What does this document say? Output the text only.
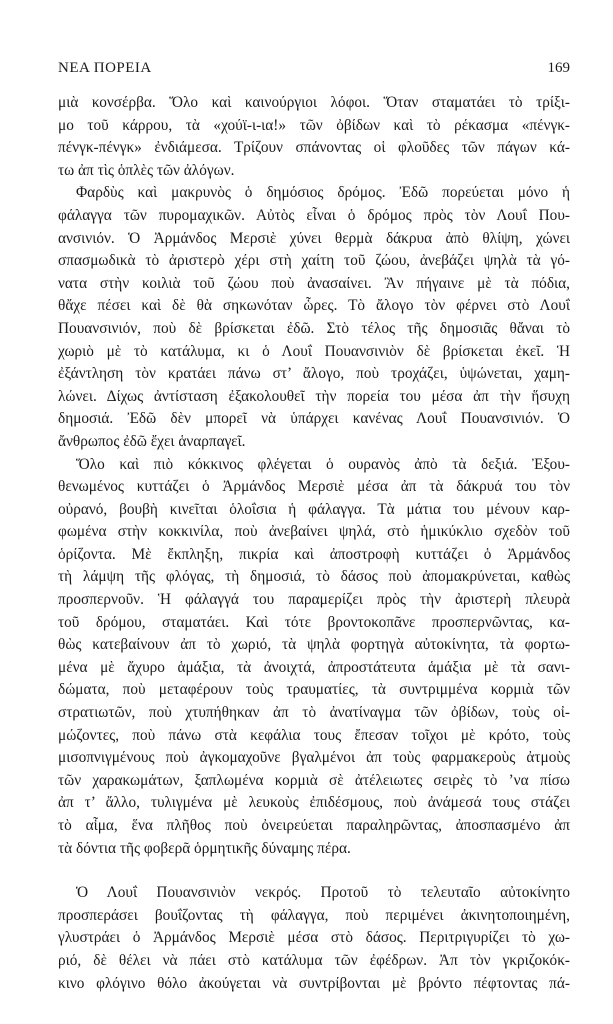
ΝΕΑ ΠΟΡΕΙΑ	169
μιὰ κονσέρβα. Ὅλο καὶ καινούργιοι λόφοι. Ὅταν σταματάει τὸ τρίξι-
μο τοῦ κάρρου, τὰ «χούϊ-ι-ια!» τῶν ὀβίδων καὶ τὸ ρέκασμα «πένγκ-
πένγκ-πένγκ» ἐνδιάμεσα. Τρίζουν σπάνοντας οἱ φλοῦδες τῶν πάγων κά-
τω ἀπ τὶς ὁπλὲς τῶν ἀλόγων.
Φαρδὺς καὶ μακρυνὸς ὁ δημόσιος δρόμος. Ἐδῶ πορεύεται μόνο ἡ
φάλαγγα τῶν πυρομαχικῶν. Αὐτὸς εἶναι ὁ δρόμος πρὸς τὸν Λουΐ Που-
ανσινιόν. Ὁ Ἀρμάνδος Μερσιὲ χύνει θερμὰ δάκρυα ἀπὸ θλίψη, χώνει
σπασμωδικὰ τὸ ἀριστερὸ χέρι στὴ χαίτη τοῦ ζώου, ἀνεβάζει ψηλὰ τὰ γό-
νατα στὴν κοιλιὰ τοῦ ζώου ποὺ ἀνασαίνει. Ἂν πήγαινε μὲ τὰ πόδια,
θἄχε πέσει καὶ δὲ θὰ σηκωνόταν ὧρες. Τὸ ἄλογο τὸν φέρνει στὸ Λουΐ
Πουανσινιόν, ποὺ δὲ βρίσκεται ἐδῶ. Στὸ τέλος τῆς δημοσιᾶς θἄναι τὸ
χωριὸ μὲ τὸ κατάλυμα, κι ὁ Λουΐ Πουανσινιὸν δὲ βρίσκεται ἐκεῖ. Ἡ
ἐξάντληση τὸν κρατάει πάνω στ’ ἄλογο, ποὺ τροχάζει, ὑψώνεται, χαμη-
λώνει. Δίχως ἀντίσταση ἐξακολουθεῖ τὴν πορεία του μέσα ἀπ τὴν ἥσυχη
δημοσιά. Ἐδῶ δὲν μπορεῖ νὰ ὑπάρχει κανένας Λουΐ Πουανσινιόν. Ὁ
ἄνθρωπος ἐδῶ ἔχει ἁναρπαγεῖ.
Ὅλο καὶ πιὸ κόκκινος φλέγεται ὁ ουρανὸς ἀπὸ τὰ δεξιά. Ἐξου-
θενωμένος κυττάζει ὁ Ἀρμάνδος Μερσιὲ μέσα ἀπ τὰ δάκρυά του τὸν
οὐρανό, βουβὴ κινεῖται ὁλοΐσια ἡ φάλαγγα. Τὰ μάτια του μένουν καρ-
φωμένα στὴν κοκκινίλα, ποὺ ἀνεβαίνει ψηλά, στὸ ἡμικύκλιο σχεδὸν τοῦ
ὁρίζοντα. Μὲ ἔκπληξη, πικρία καὶ ἀποστροφὴ κυττάζει ὁ Ἀρμάνδος
τὴ λάμψη τῆς φλόγας, τὴ δημοσιά, τὸ δάσος ποὺ ἀπομακρύνεται, καθὼς
προσπερνοῦν. Ἡ φάλαγγά του παραμερίζει πρὸς τὴν ἀριστερὴ πλευρὰ
τοῦ δρόμου, σταματάει. Καὶ τότε βροντοκοπᾶνε προσπερνῶντας, κα-
θὼς κατεβαίνουν ἀπ τὸ χωριό, τὰ ψηλὰ φορτηγὰ αὐτοκίνητα, τὰ φορτω-
μένα μὲ ἄχυρο ἁμάξια, τὰ ἀνοιχτά, ἀπροστάτευτα ἁμάξια μὲ τὰ σανι-
δώματα, ποὺ μεταφέρουν τοὺς τραυματίες, τὰ συντριμμένα κορμιὰ τῶν
στρατιωτῶν, ποὺ χτυπήθηκαν ἀπ τὸ ἀνατίναγμα τῶν ὀβίδων, τοὺς οἰ-
μώζοντες, ποὺ πάνω στὰ κεφάλια τους ἔπεσαν τοῖχοι μὲ κρότο, τοὺς
μισοπνιγμένους ποὺ ἀγκομαχοῦνε βγαλμένοι ἀπ τοὺς φαρμακεροὺς ἀτμοὺς
τῶν χαρακωμάτων, ξαπλωμένα κορμιὰ σὲ ἀτέλειωτες σειρὲς τὸ ’να πίσω
ἀπ τ’ ἄλλο, τυλιγμένα μὲ λευκοὺς ἐπιδέσμους, ποὺ ἀνάμεσά τους στάζει
τὸ αἷμα, ἕνα πλῆθος ποὺ ὀνειρεύεται παραληρῶντας, ἀποσπασμένο ἀπ
τὰ δόντια τῆς φοβερᾶ ὁρμητικῆς δύναμης πέρα.
Ὁ Λουΐ Πουανσινιὸν νεκρός. Προτοῦ τὸ τελευταῖο αὐτοκίνητο
προσπεράσει βουΐζοντας τὴ φάλαγγα, ποὺ περιμένει ἀκινητοποιημένη,
γλυστράει ὁ Ἀρμάνδος Μερσιὲ μέσα στὸ δάσος. Περιτριγυρίζει τὸ χω-
ριό, δὲ θέλει νὰ πάει στὸ κατάλυμα τῶν ἐφέδρων. Ἀπ τὸν γκριζοκόκ-
κινο φλόγινο θόλο ἀκούγεται νὰ συντρίβονται μὲ βρόντο πέφτοντας πά-
